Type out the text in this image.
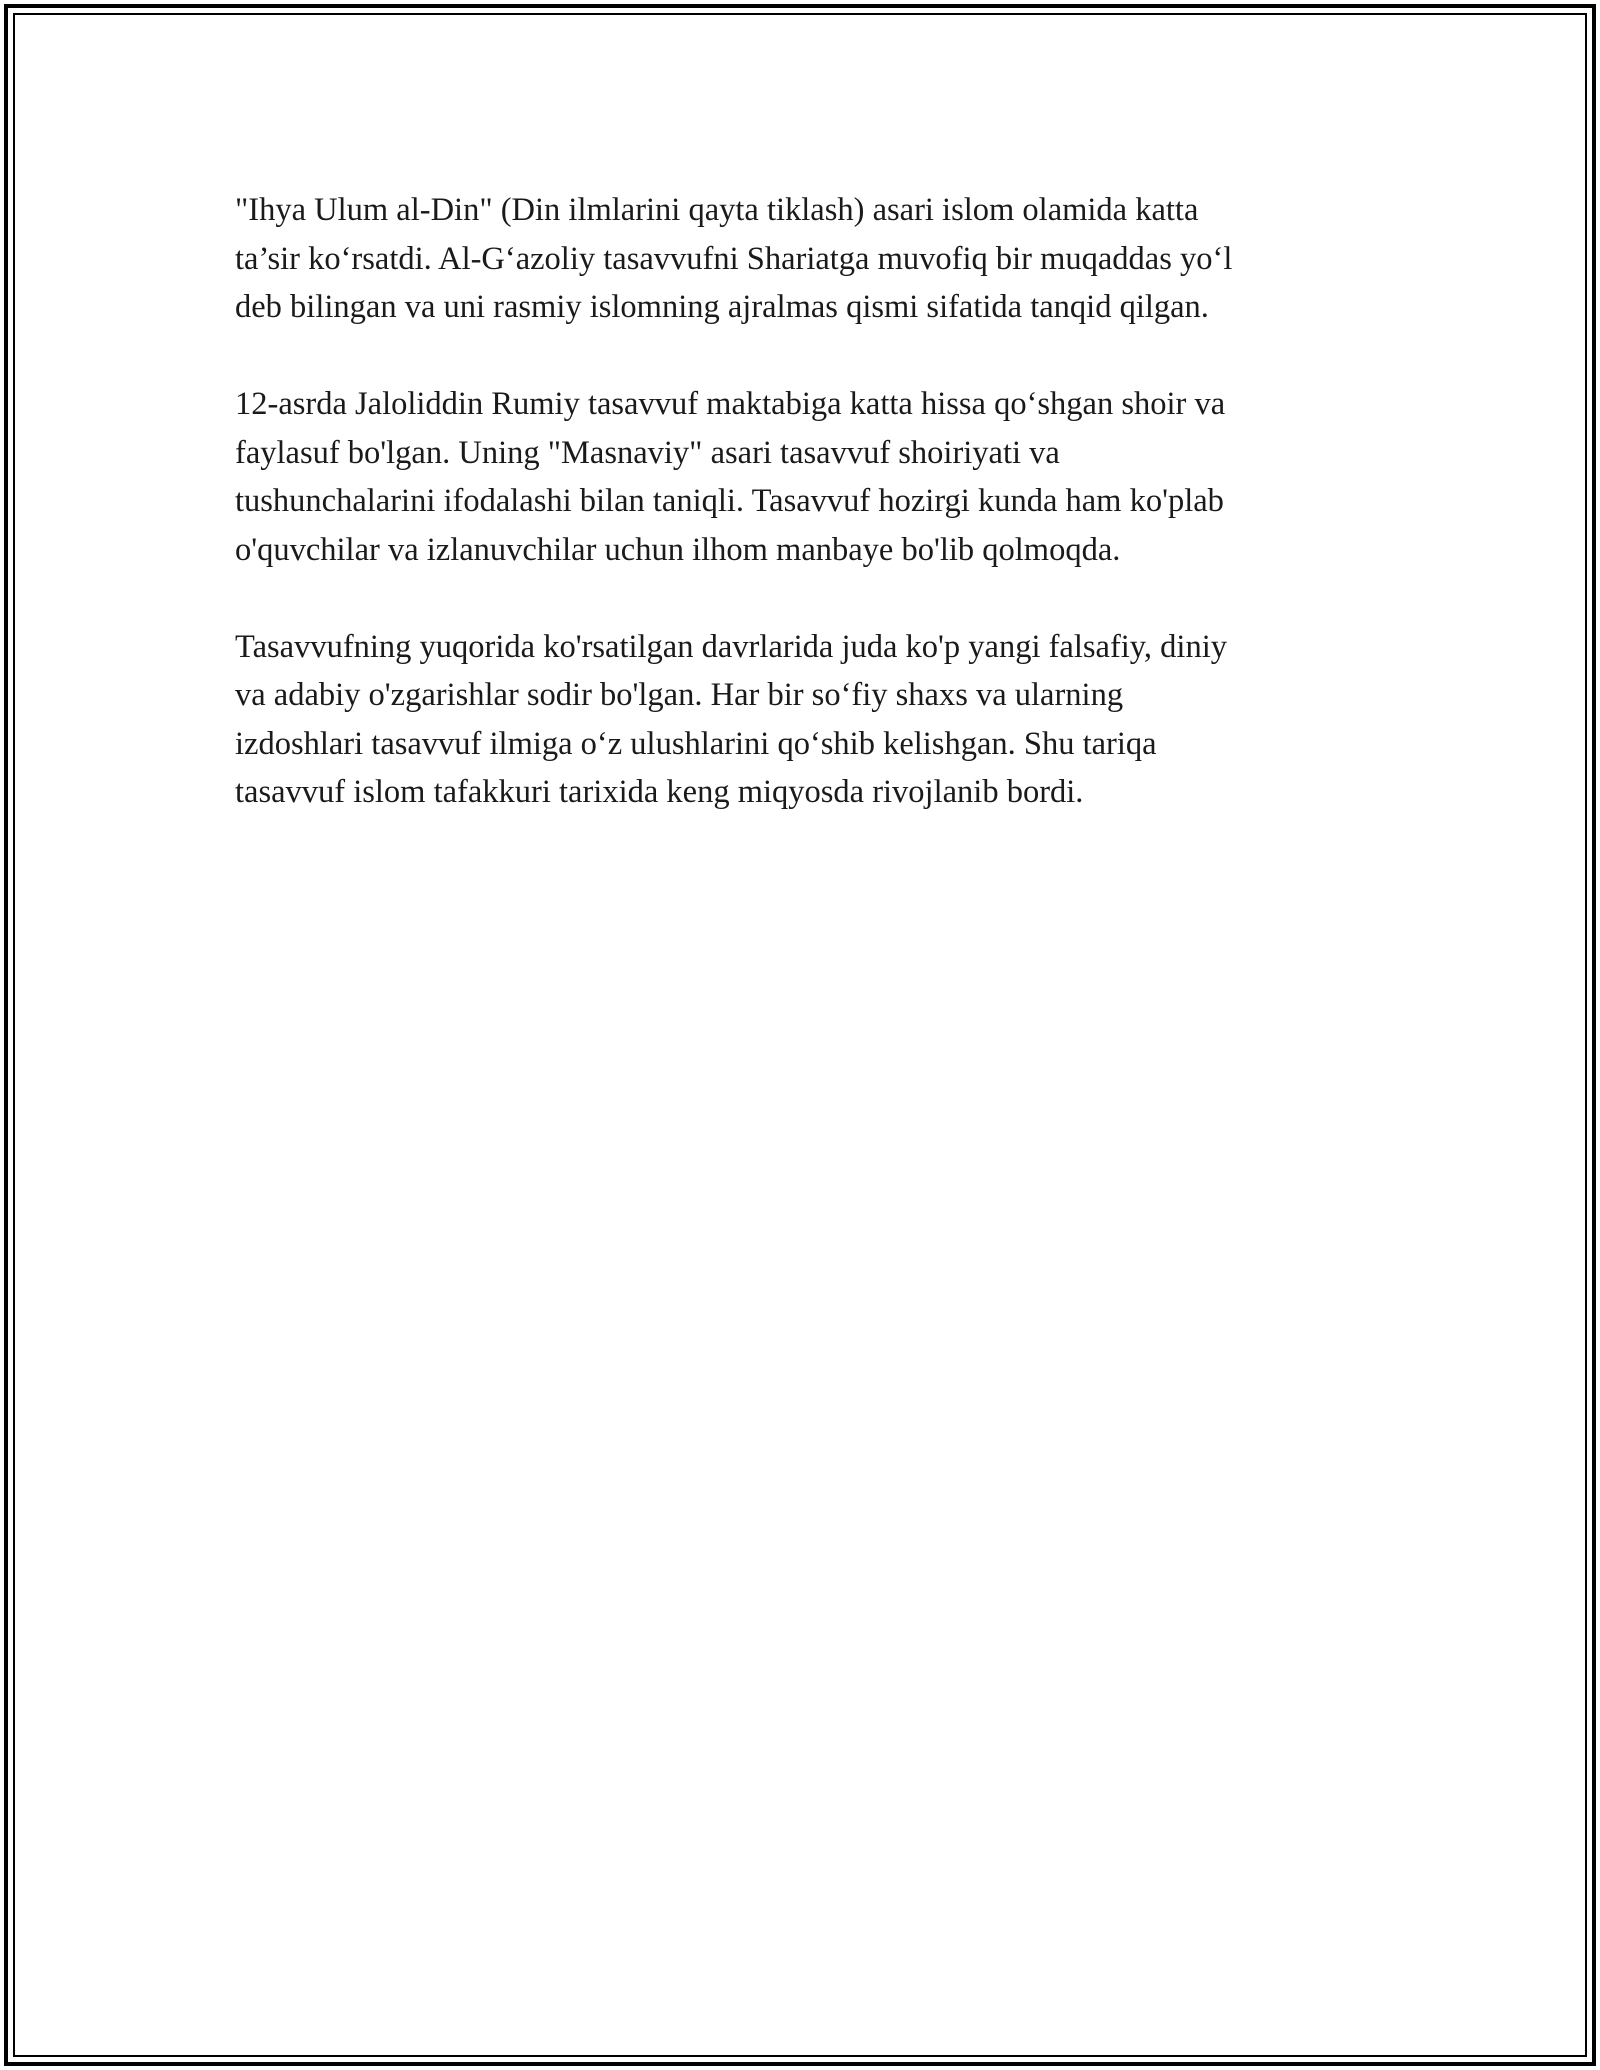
"Ihya Ulum al-Din" (Din ilmlarini qayta tiklash) asari islom olamida katta
ta’sir ko‘rsatdi. Al-G‘azoliy tasavvufni Shariatga muvofiq bir muqaddas yo‘l
deb bilingan va uni rasmiy islomning ajralmas qismi sifatida tanqid qilgan.

12-asrda Jaloliddin Rumiy tasavvuf maktabiga katta hissa qo‘shgan shoir va
faylasuf bo'lgan. Uning "Masnaviy" asari tasavvuf shoiriyati va
tushunchalarini ifodalashi bilan taniqli. Tasavvuf hozirgi kunda ham ko'plab
o'quvchilar va izlanuvchilar uchun ilhom manbaye bo'lib qolmoqda.

Tasavvufning yuqorida ko'rsatilgan davrlarida juda ko'p yangi falsafiy, diniy
va adabiy o'zgarishlar sodir bo'lgan. Har bir so‘fiy shaxs va ularning
izdoshlari tasavvuf ilmiga o‘z ulushlarini qo‘shib kelishgan. Shu tariqa
tasavvuf islom tafakkuri tarixida keng miqyosda rivojlanib bordi.
